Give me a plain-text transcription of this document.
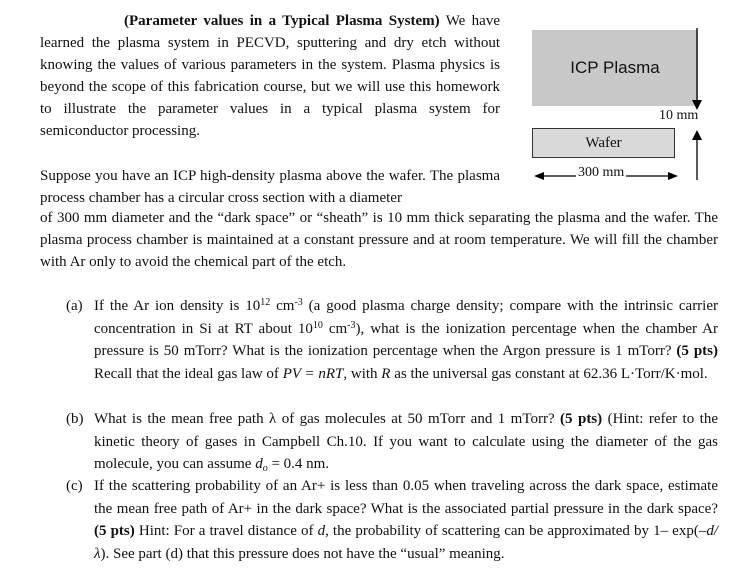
(Parameter values in a Typical Plasma System) We have learned the plasma system in PECVD, sputtering and dry etch without knowing the values of various parameters in the system. Plasma physics is beyond the scope of this fabrication course, but we will use this homework to illustrate the parameter values in a typical plasma system for semiconductor processing.
Suppose you have an ICP high-density plasma above the wafer. The plasma process chamber has a circular cross section with a diameter
of 300 mm diameter and the “dark space” or “sheath” is 10 mm thick separating the plasma and the wafer. The plasma process chamber is maintained at a constant pressure and at room temperature. We will fill the chamber with Ar only to avoid the chemical part of the etch.
ICP Plasma
Wafer
10 mm
300 mm
(a) If the Ar ion density is $10^{12}$ $cm^{-3}$ (a good plasma charge density; compare with the intrinsic carrier concentration in Si at RT about $10^{10}$ $cm^{-3}$), what is the ionization percentage when the chamber Ar pressure is 50 mTorr? What is the ionization percentage when the Argon pressure is 1 mTorr? (5 pts) Recall that the ideal gas law of PV = nRT, with R as the universal gas constant at 62.36 L·Torr/K·mol.
(b) What is the mean free path λ of gas molecules at 50 mTorr and 1 mTorr? (5 pts) (Hint: refer to the kinetic theory of gases in Campbell Ch.10. If you want to calculate using the diameter of the gas molecule, you can assume $d_o = 0.4$ nm.
(c) If the scattering probability of an Ar+ is less than 0.05 when traveling across the dark space, estimate the mean free path of Ar+ in the dark space? What is the associated partial pressure in the dark space? (5 pts) Hint: For a travel distance of d, the probability of scattering can be approximated by 1– exp(–d/λ). See part (d) that this pressure does not have the “usual” meaning.
